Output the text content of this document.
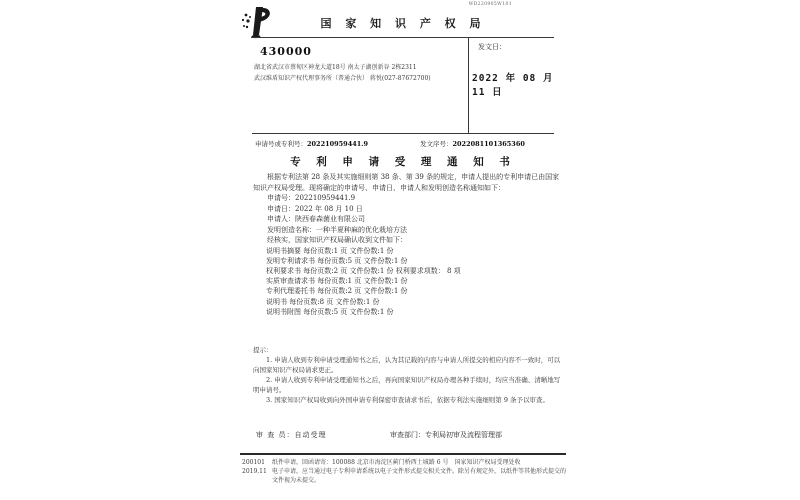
国 家 知 识 产 权 局
WD220905W101
430000
湖北省武汉市蔡甸区神龙大道18号 南太子湖创新谷 2栋2311
武汉维盾知识产权代理事务所（普通合伙） 蒋悦(027-87672700)
发文日：
2022 年 08 月 11 日
申请号或专利号：202210959441.9	发文序号：2022081101365360
专 利 申 请 受 理 通 知 书

根据专利法第 28 条及其实施细则第 38 条、第 39 条的规定，申请人提出的专利申请已由国家知识产权局受理。现将确定的申请号、申请日、申请人和发明创造名称通知如下：

申请号：202210959441.9
申请日：2022 年 08 月 10 日
申请人：陕西春森菌业有限公司
发明创造名称：一种半夏种麻的优化栽培方法

经核实，国家知识产权局确认收到文件如下：

说明书摘要 每份页数:1 页 文件份数:1 份
发明专利请求书 每份页数:5 页 文件份数:1 份
权利要求书 每份页数:2 页 文件份数:1 份 权利要求项数： 8 项
实质审查请求书 每份页数:1 页 文件份数:1 份
专利代理委托书 每份页数:2 页 文件份数:1 份
说明书 每份页数:8 页 文件份数:1 份
说明书附图 每份页数:5 页 文件份数:1 份

提示：

1. 申请人收到专利申请受理通知书之后，认为其记载的内容与申请人所提交的相应内容不一致时，可以向国家知识产权局请求更正。

2. 申请人收到专利申请受理通知书之后，再向国家知识产权局办理各种手续时，均应当准确、清晰地写明申请号。

3. 国家知识产权局收到向外国申请专利保密审查请求书后，依据专利法实施细则第 9 条予以审查。

审 查 员：自动受理	审查部门：专利局初审及流程管理部
200101
2019.11
纸件申请，回函请寄：100088 北京市海淀区蓟门桥西土城路 6 号　国家知识产权局受理处收
电子申请，应当通过电子专利申请系统以电子文件形式提交相关文件。除另有规定外，以纸件等其他形式提交的文件视为未提交。
